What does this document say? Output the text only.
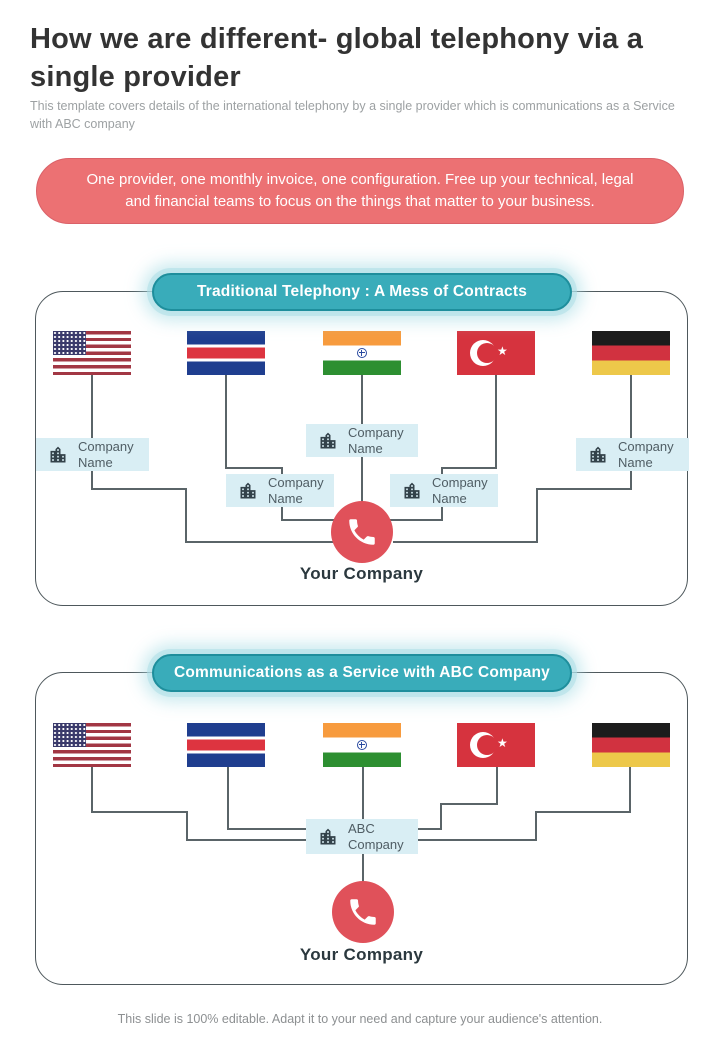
How we are different- global telephony via a single provider
This template covers details of the international telephony by a single provider which is communications as a Service with ABC company
One provider, one monthly invoice, one configuration. Free up your technical, legal and financial teams to focus on the things that matter to your business.
Traditional Telephony : A Mess of Contracts
★
Company Name
Company Name
Company Name
Company Name
Company Name
Your Company
Communications as a Service with ABC Company
★
ABC Company
Your Company
This slide is 100% editable. Adapt it to your need and capture your audience's attention.
